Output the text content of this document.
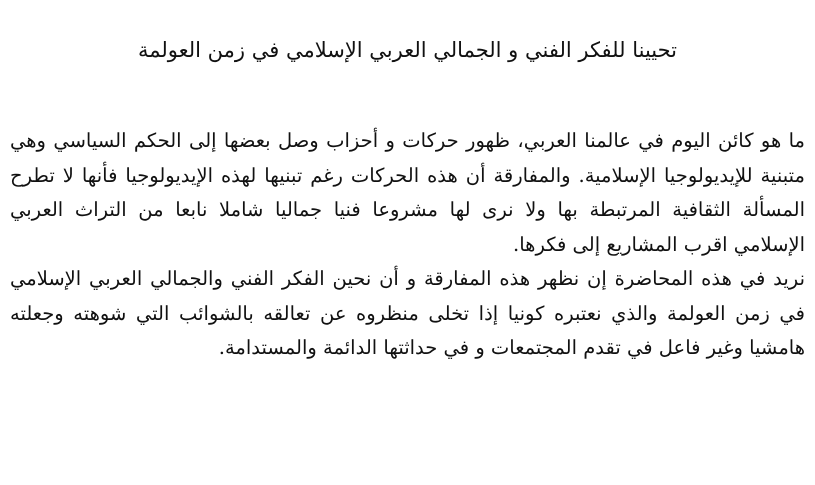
تحيينا للفكر الفني و الجمالي العربي الإسلامي في زمن العولمة

ما هو كائن اليوم في عالمنا العربي، ظهور حركات و أحزاب وصل بعضها إلى الحكم السياسي وهي متبنية للإيديولوجيا الإسلامية. والمفارقة أن هذه الحركات رغم تبنيها لهذه الإيديولوجيا فأنها لا تطرح المسألة الثقافية المرتبطة بها ولا نرى لها مشروعا فنيا جماليا شاملا نابعا من التراث العربي الإسلامي اقرب المشاريع إلى فكرها.

نريد في هذه المحاضرة إن نظهر هذه المفارقة و أن نحين الفكر الفني والجمالي العربي الإسلامي في زمن العولمة والذي نعتبره كونيا إذا تخلى منظروه عن تعالقه بالشوائب التي شوهته وجعلته هامشيا وغير فاعل في تقدم المجتمعات و في حداثتها الدائمة والمستدامة.
